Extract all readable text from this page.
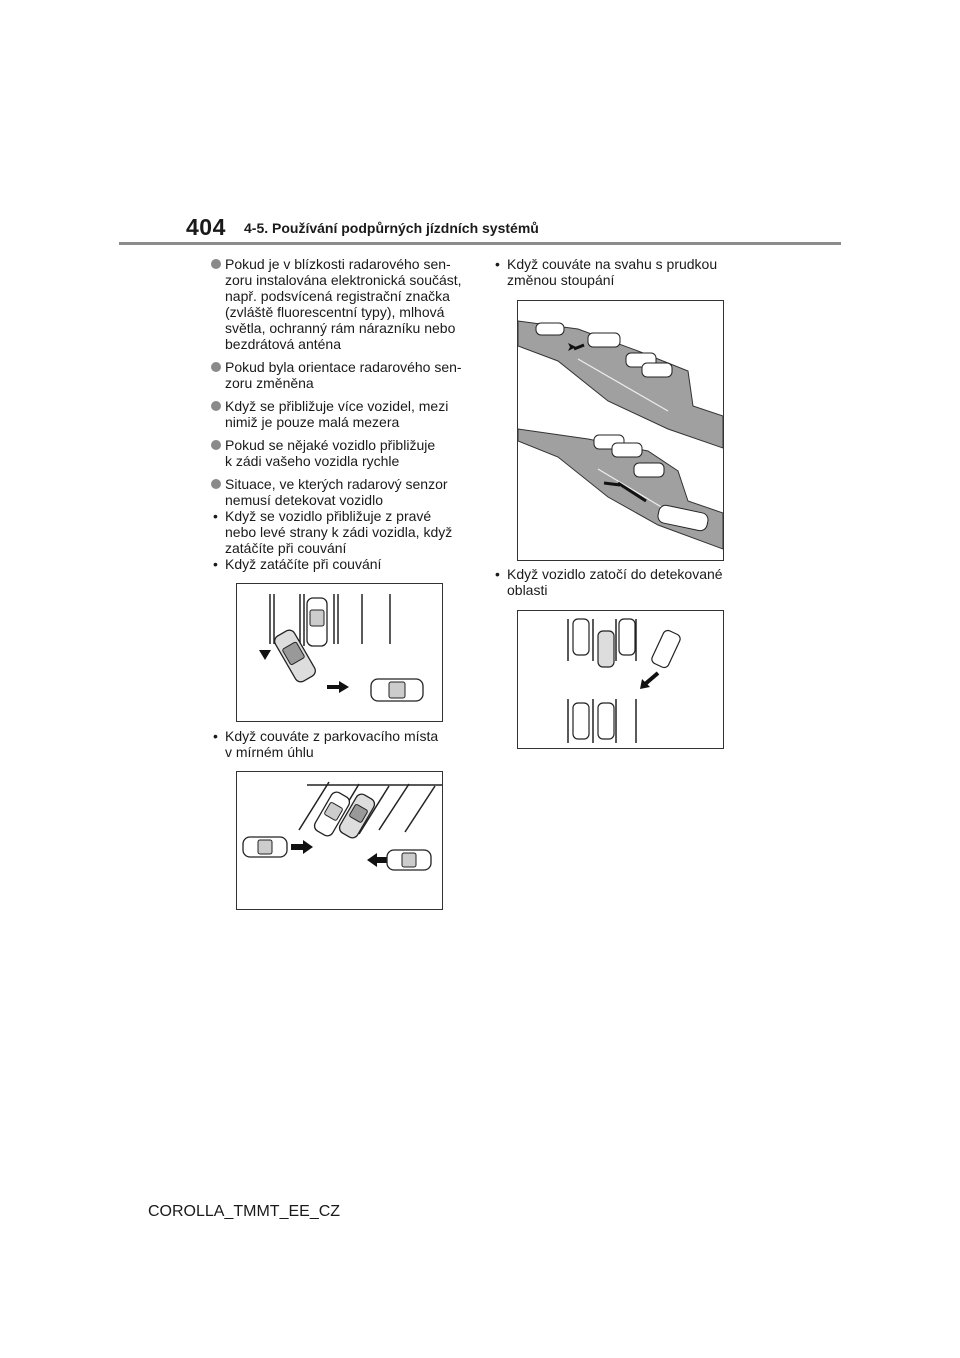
404 4-5. Používání podpůrných jízdních systémů
Pokud je v blízkosti radarového sen-
zoru instalována elektronická součást,
např. podsvícená registrační značka
(zvláště fluorescentní typy), mlhová
světla, ochranný rám nárazníku nebo
bezdrátová anténa
Pokud byla orientace radarového sen-
zoru změněna
Když se přibližuje více vozidel, mezi
nimiž je pouze malá mezera
Pokud se nějaké vozidlo přibližuje
k zádi vašeho vozidla rychle
Situace, ve kterých radarový senzor
nemusí detekovat vozidlo
• Když se vozidlo přibližuje z pravé
nebo levé strany k zádi vozidla, když
zatáčíte při couvání
• Když zatáčíte při couvání
• Když couváte z parkovacího místa
v mírném úhlu
• Když couváte na svahu s prudkou
změnou stoupání
• Když vozidlo zatočí do detekované
oblasti
COROLLA_TMMT_EE_CZ
